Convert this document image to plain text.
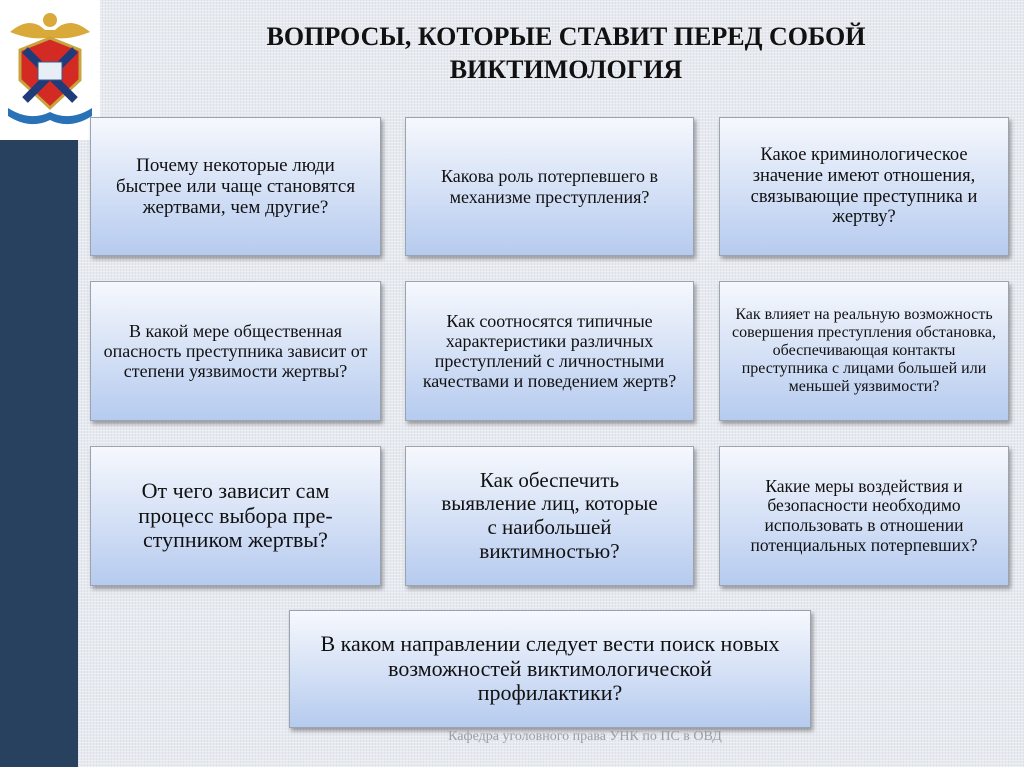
ВОПРОСЫ, КОТОРЫЕ СТАВИТ ПЕРЕД СОБОЙ ВИКТИМОЛОГИЯ
Почему некоторые люди быстрее или чаще становятся жертвами, чем другие?
Какова роль потерпевшего в механизме преступления?
Какое криминологическое значение имеют отношения, связывающие преступника и жертву?
В какой мере общественная опасность преступника зависит от степени уязвимости жертвы?
Как соотносятся типичные характеристики различных преступлений с личностными качествами и поведением жертв?
Как влияет на реальную возможность совершения преступления обстановка, обеспечивающая контакты преступника с лицами большей или меньшей уязвимости?
От чего зависит сам процесс выбора пре-ступником жертвы?
Как обеспечить выявление лиц, которые с наибольшей виктимностью?
Какие меры воздействия и безопасности необходимо использовать в отношении потенциальных потерпевших?
В каком направлении следует вести поиск новых возможностей виктимологической профилактики?
Кафедра уголовного права УНК по ПС в ОВД
